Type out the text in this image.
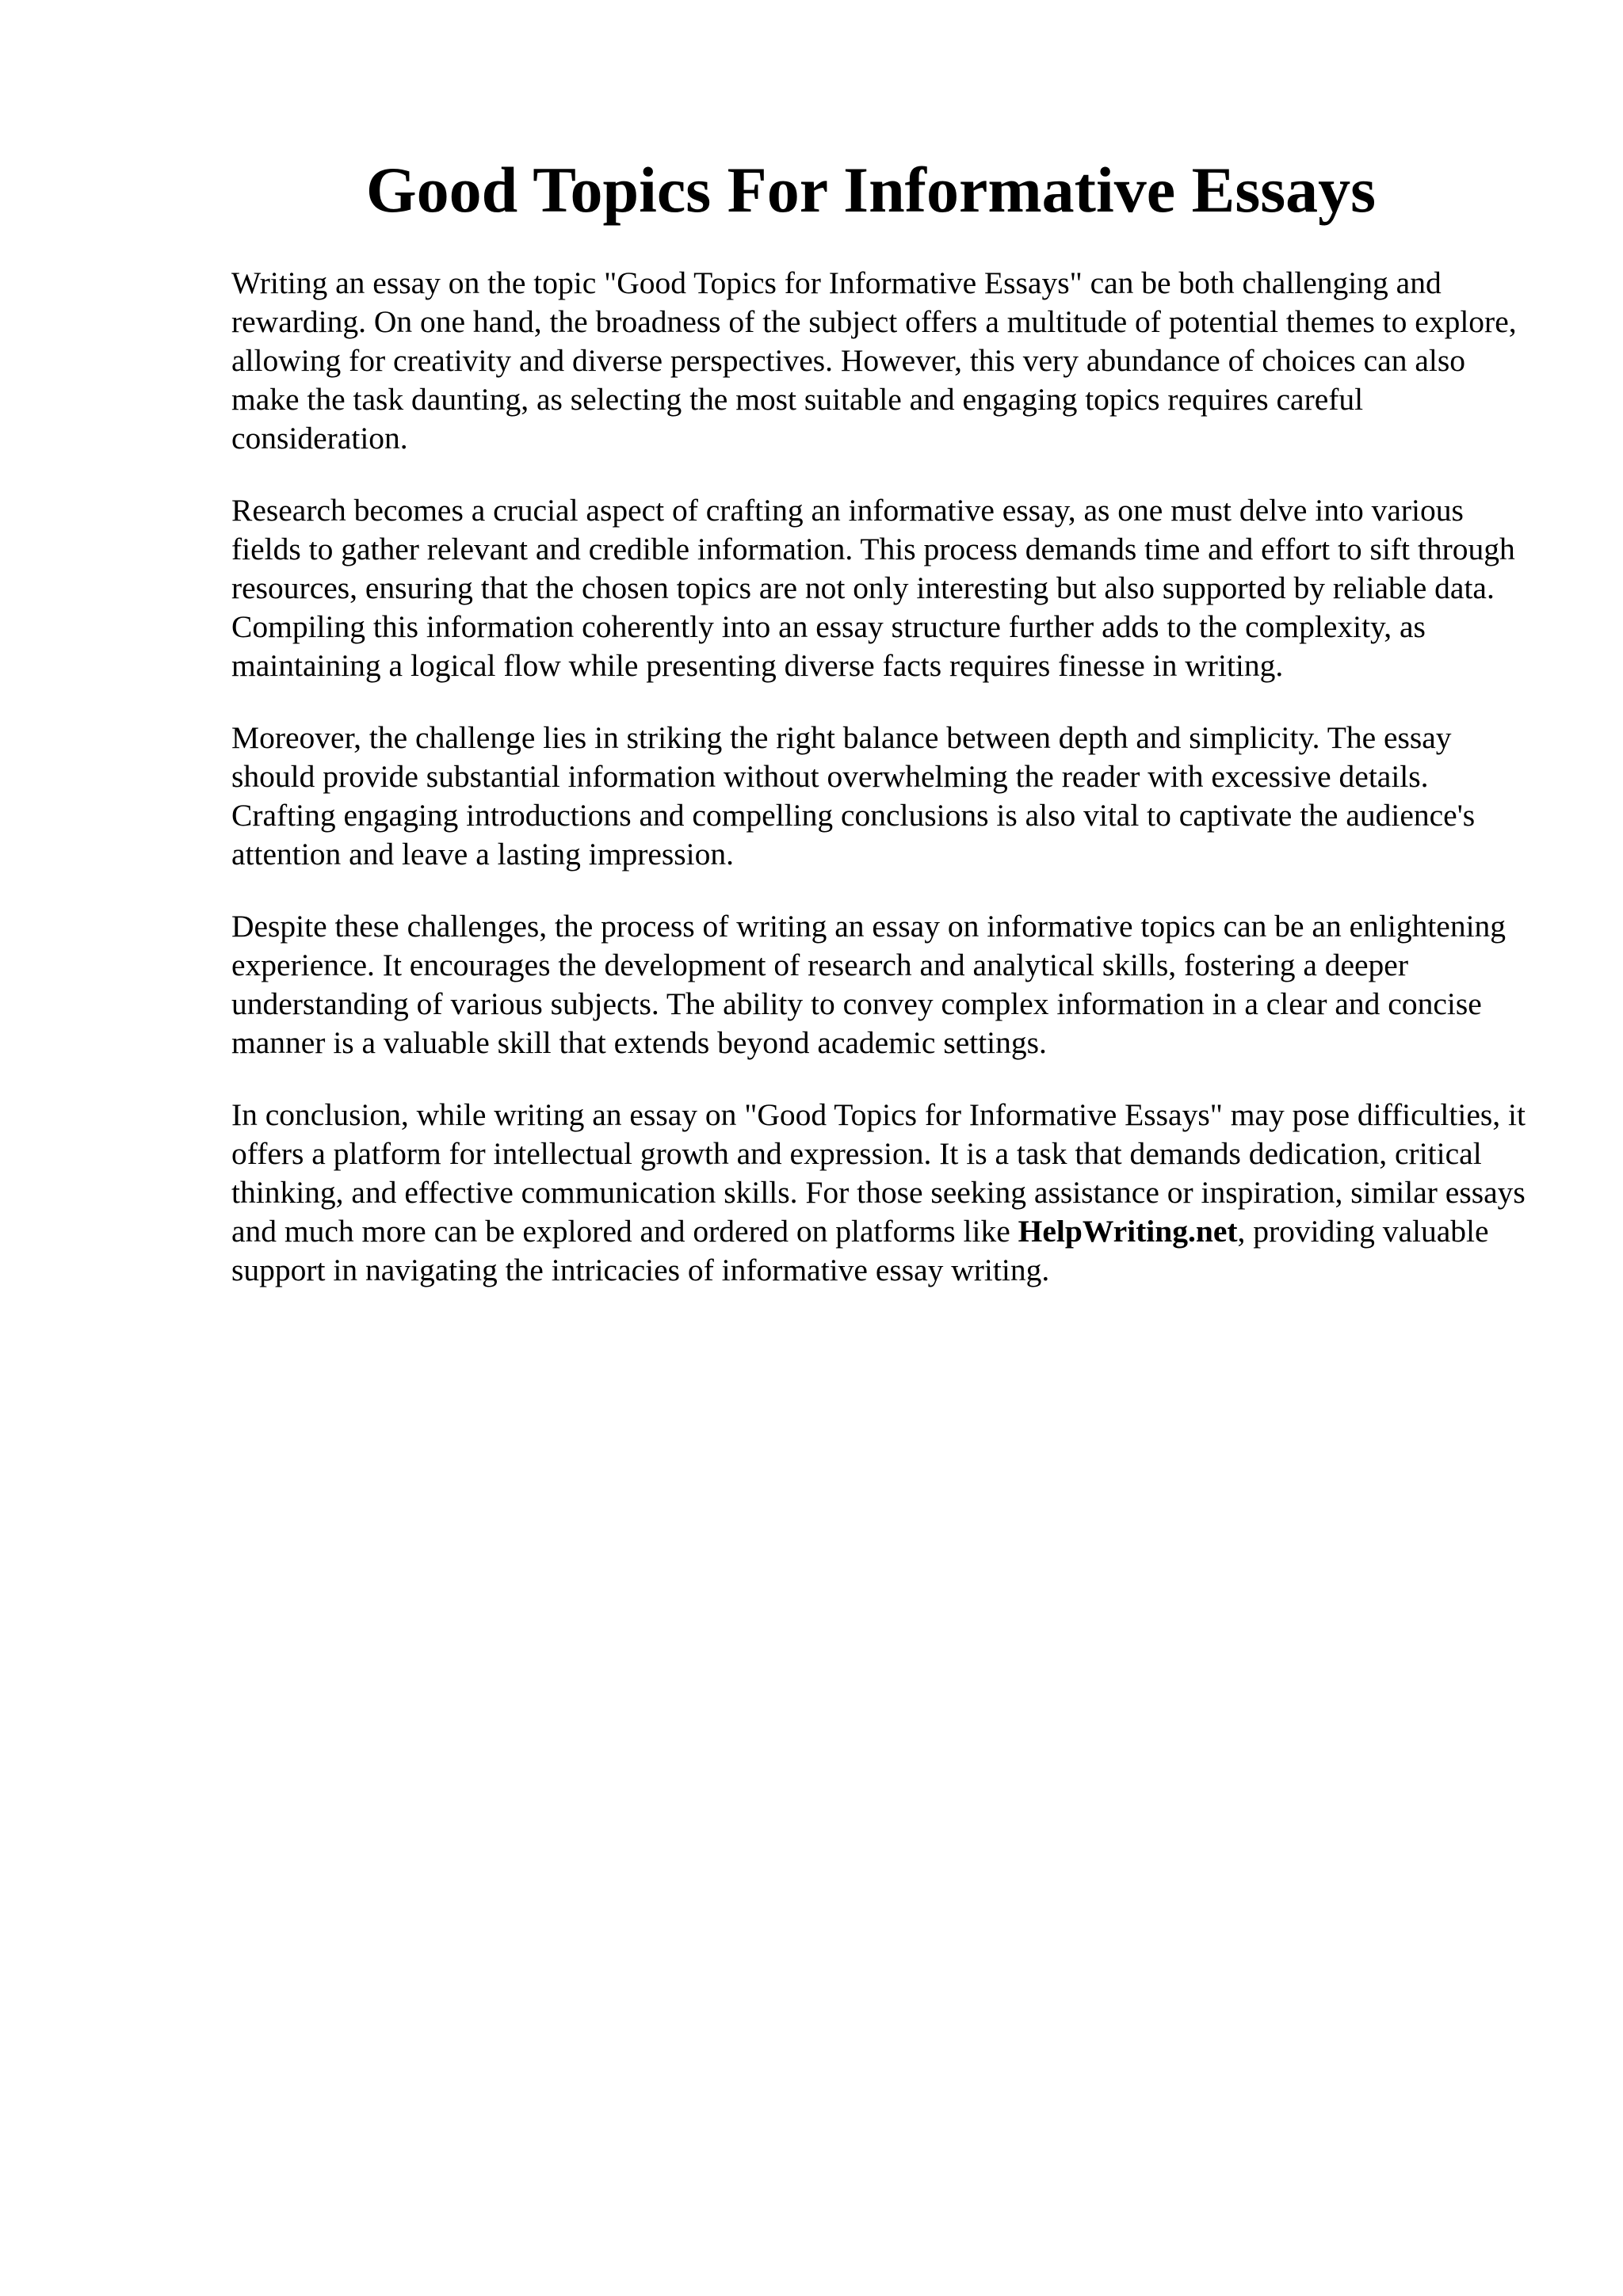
Good Topics For Informative Essays

Writing an essay on the topic "Good Topics for Informative Essays" can be both challenging and rewarding. On one hand, the broadness of the subject offers a multitude of potential themes to explore, allowing for creativity and diverse perspectives. However, this very abundance of choices can also make the task daunting, as selecting the most suitable and engaging topics requires careful consideration.

Research becomes a crucial aspect of crafting an informative essay, as one must delve into various fields to gather relevant and credible information. This process demands time and effort to sift through resources, ensuring that the chosen topics are not only interesting but also supported by reliable data. Compiling this information coherently into an essay structure further adds to the complexity, as maintaining a logical flow while presenting diverse facts requires finesse in writing.

Moreover, the challenge lies in striking the right balance between depth and simplicity. The essay should provide substantial information without overwhelming the reader with excessive details. Crafting engaging introductions and compelling conclusions is also vital to captivate the audience's attention and leave a lasting impression.

Despite these challenges, the process of writing an essay on informative topics can be an enlightening experience. It encourages the development of research and analytical skills, fostering a deeper understanding of various subjects. The ability to convey complex information in a clear and concise manner is a valuable skill that extends beyond academic settings.

In conclusion, while writing an essay on "Good Topics for Informative Essays" may pose difficulties, it offers a platform for intellectual growth and expression. It is a task that demands dedication, critical thinking, and effective communication skills. For those seeking assistance or inspiration, similar essays and much more can be explored and ordered on platforms like HelpWriting.net, providing valuable support in navigating the intricacies of informative essay writing.
